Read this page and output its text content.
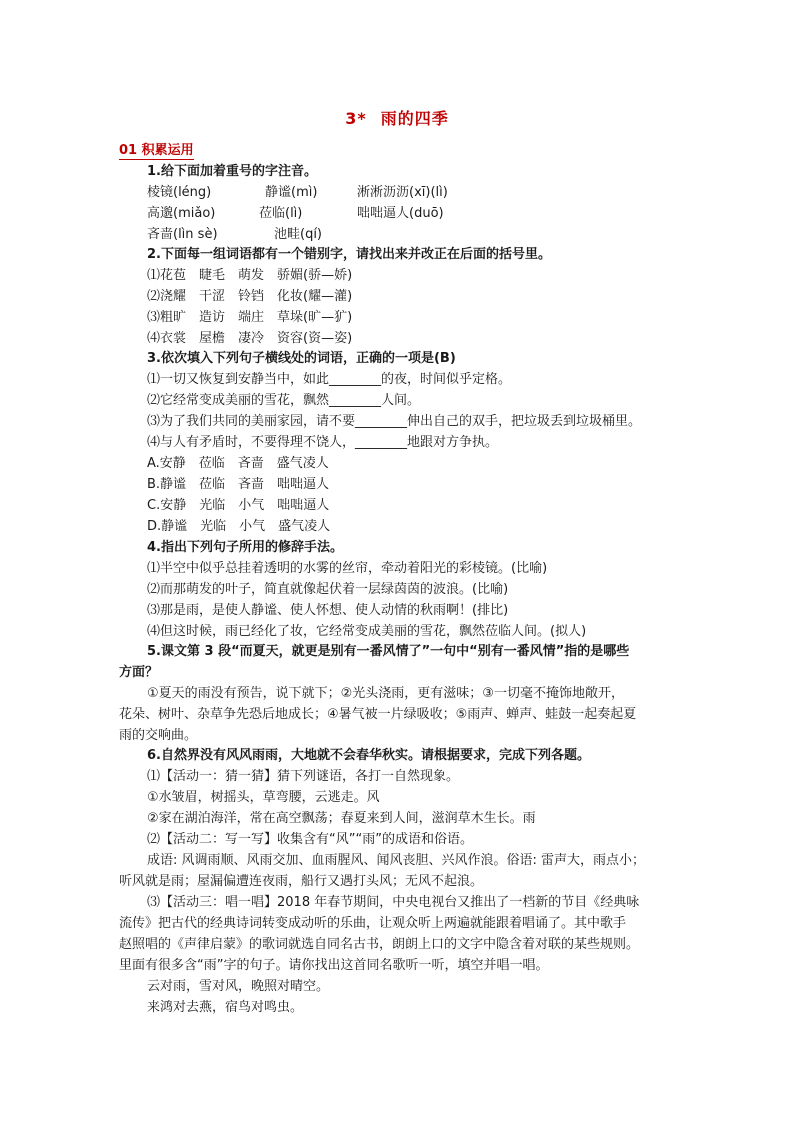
3* 雨的四季
01 积累运用
1.给下面加着重号的字注音。
棱镜(léng)	静谧(mì)	淅淅沥沥(xī)(lì)
高邈(miǎo)	莅临(lì)	咄咄逼人(duō)
吝啬(lìn sè)	池畦(qí)
2.下面每一组词语都有一个错别字，请找出来并改正在后面的括号里。
⑴花苞　睫毛　萌发　骄媚(骄—娇)
⑵浇耀　干涩　铃铛　化妆(耀—灌)
⑶粗旷　造访　端庄　草垛(旷—犷)
⑷衣裳　屋檐　凄冷　资容(资—姿)
3.依次填入下列句子横线处的词语，正确的一项是(B)
⑴一切又恢复到安静当中，如此________的夜，时间似乎定格。
⑵它经常变成美丽的雪花，飘然________人间。
⑶为了我们共同的美丽家园，请不要________伸出自己的双手，把垃圾丢到垃圾桶里。
⑷与人有矛盾时，不要得理不饶人，________地跟对方争执。
A.安静　莅临　吝啬　盛气凌人
B.静谧　莅临　吝啬　咄咄逼人
C.安静　光临　小气　咄咄逼人
D.静谧　光临　小气　盛气凌人
4.指出下列句子所用的修辞手法。
⑴半空中似乎总挂着透明的水雾的丝帘，牵动着阳光的彩棱镜。(比喻)
⑵而那萌发的叶子，简直就像起伏着一层绿茵茵的波浪。(比喻)
⑶那是雨，是使人静谧、使人怀想、使人动情的秋雨啊！(排比)
⑷但这时候，雨已经化了妆，它经常变成美丽的雪花，飘然莅临人间。(拟人)
5.课文第 3 段“而夏天，就更是别有一番风情了”一句中“别有一番风情”指的是哪些
方面？
①夏天的雨没有预告，说下就下；②光头浇雨，更有滋味；③一切毫不掩饰地敞开，
花朵、树叶、杂草争先恐后地成长；④暑气被一片绿吸收；⑤雨声、蝉声、蛙鼓一起奏起夏
雨的交响曲。
6.自然界没有风风雨雨，大地就不会春华秋实。请根据要求，完成下列各题。
⑴【活动一：猜一猜】猜下列谜语，各打一自然现象。
①水皱眉，树摇头，草弯腰，云逃走。风
②家在湖泊海洋，常在高空飘荡；春夏来到人间，滋润草木生长。雨
⑵【活动二：写一写】收集含有“风”“雨”的成语和俗语。
成语: 风调雨顺、风雨交加、血雨腥风、闻风丧胆、兴风作浪。俗语: 雷声大，雨点小；
听风就是雨；屋漏偏遭连夜雨，船行又遇打头风；无风不起浪。
⑶【活动三：唱一唱】2018 年春节期间，中央电视台又推出了一档新的节目《经典咏
流传》把古代的经典诗词转变成动听的乐曲，让观众听上两遍就能跟着唱诵了。其中歌手
赵照唱的《声律启蒙》的歌词就选自同名古书，朗朗上口的文字中隐含着对联的某些规则。
里面有很多含“雨”字的句子。请你找出这首同名歌听一听，填空并唱一唱。
云对雨，雪对风，晚照对晴空。
来鸿对去燕，宿鸟对鸣虫。
